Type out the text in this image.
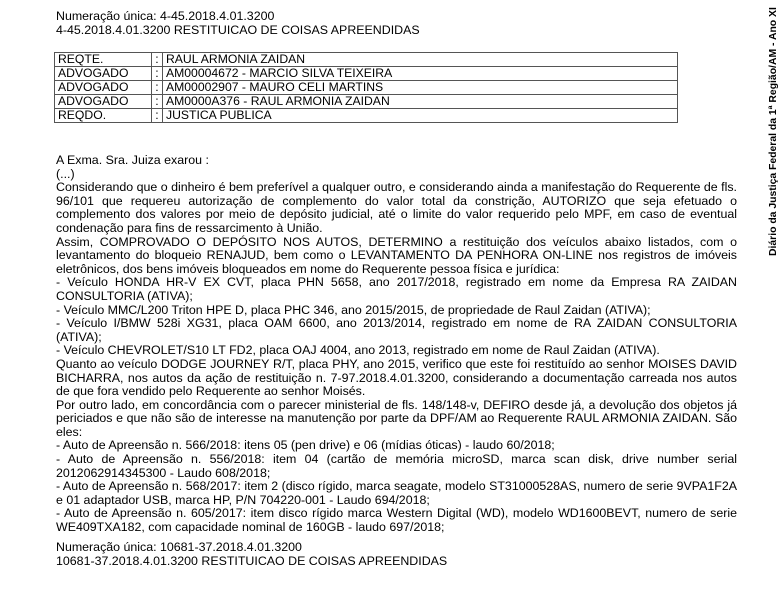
Numeração única: 4-45.2018.4.01.3200
4-45.2018.4.01.3200 RESTITUICAO DE COISAS APREENDIDAS
REQTE.	:	RAUL ARMONIA ZAIDAN
ADVOGADO	:	AM00004672 - MARCIO SILVA TEIXEIRA
ADVOGADO	:	AM00002907 - MAURO CELI MARTINS
ADVOGADO	:	AM0000A376 - RAUL ARMONIA ZAIDAN
REQDO.	:	JUSTICA PUBLICA

A Exma. Sra. Juiza exarou :

(...)

Considerando que o dinheiro é bem preferível a qualquer outro, e considerando ainda a manifestação do Requerente de fls. 96/101 que requereu autorização de complemento do valor total da constrição, AUTORIZO que seja efetuado o complemento dos valores por meio de depósito judicial, até o limite do valor requerido pelo MPF, em caso de eventual condenação para fins de ressarcimento à União.

Assim, COMPROVADO O DEPÓSITO NOS AUTOS, DETERMINO a restituição dos veículos abaixo listados, com o levantamento do bloqueio RENAJUD, bem como o LEVANTAMENTO DA PENHORA ON-LINE nos registros de imóveis eletrônicos, dos bens imóveis bloqueados em nome do Requerente pessoa física e jurídica:

- Veículo HONDA HR-V EX CVT, placa PHN 5658, ano 2017/2018, registrado em nome da Empresa RA ZAIDAN CONSULTORIA (ATIVA);

- Veículo MMC/L200 Triton HPE D, placa PHC 346, ano 2015/2015, de propriedade de Raul Zaidan (ATIVA);

- Veículo I/BMW 528i XG31, placa OAM 6600, ano 2013/2014, registrado em nome de RA ZAIDAN CONSULTORIA (ATIVA);

- Veículo CHEVROLET/S10 LT FD2, placa OAJ 4004, ano 2013, registrado em nome de Raul Zaidan (ATIVA).

Quanto ao veículo DODGE JOURNEY R/T, placa PHY, ano 2015, verifico que este foi restituído ao senhor MOISES DAVID BICHARRA, nos autos da ação de restituição n. 7-97.2018.4.01.3200, considerando a documentação carreada nos autos de que fora vendido pelo Requerente ao senhor Moisés.

Por outro lado, em concordância com o parecer ministerial de fls. 148/148-v, DEFIRO desde já, a devolução dos objetos já periciados e que não são de interesse na manutenção por parte da DPF/AM ao Requerente RAUL ARMONIA ZAIDAN. São eles:

- Auto de Apreensão n. 566/2018: itens 05 (pen drive) e 06 (mídias óticas) - laudo 60/2018;

- Auto de Apreensão n. 556/2018: item 04 (cartão de memória microSD, marca scan disk, drive number serial 2012062914345300 - Laudo 608/2018;

- Auto de Apreensão n. 568/2017: item 2 (disco rígido, marca seagate, modelo ST31000528AS, numero de serie 9VPA1F2A e 01 adaptador USB, marca HP, P/N 704220-001 - Laudo 694/2018;

- Auto de Apreensão n. 605/2017: item disco rígido marca Western Digital (WD), modelo WD1600BEVT, numero de serie WE409TXA182, com capacidade nominal de 160GB - laudo 697/2018;

Numeração única: 10681-37.2018.4.01.3200
10681-37.2018.4.01.3200 RESTITUICAO DE COISAS APREENDIDAS
Diário da Justiça Federal da 1ª Região/AM - Ano XI
